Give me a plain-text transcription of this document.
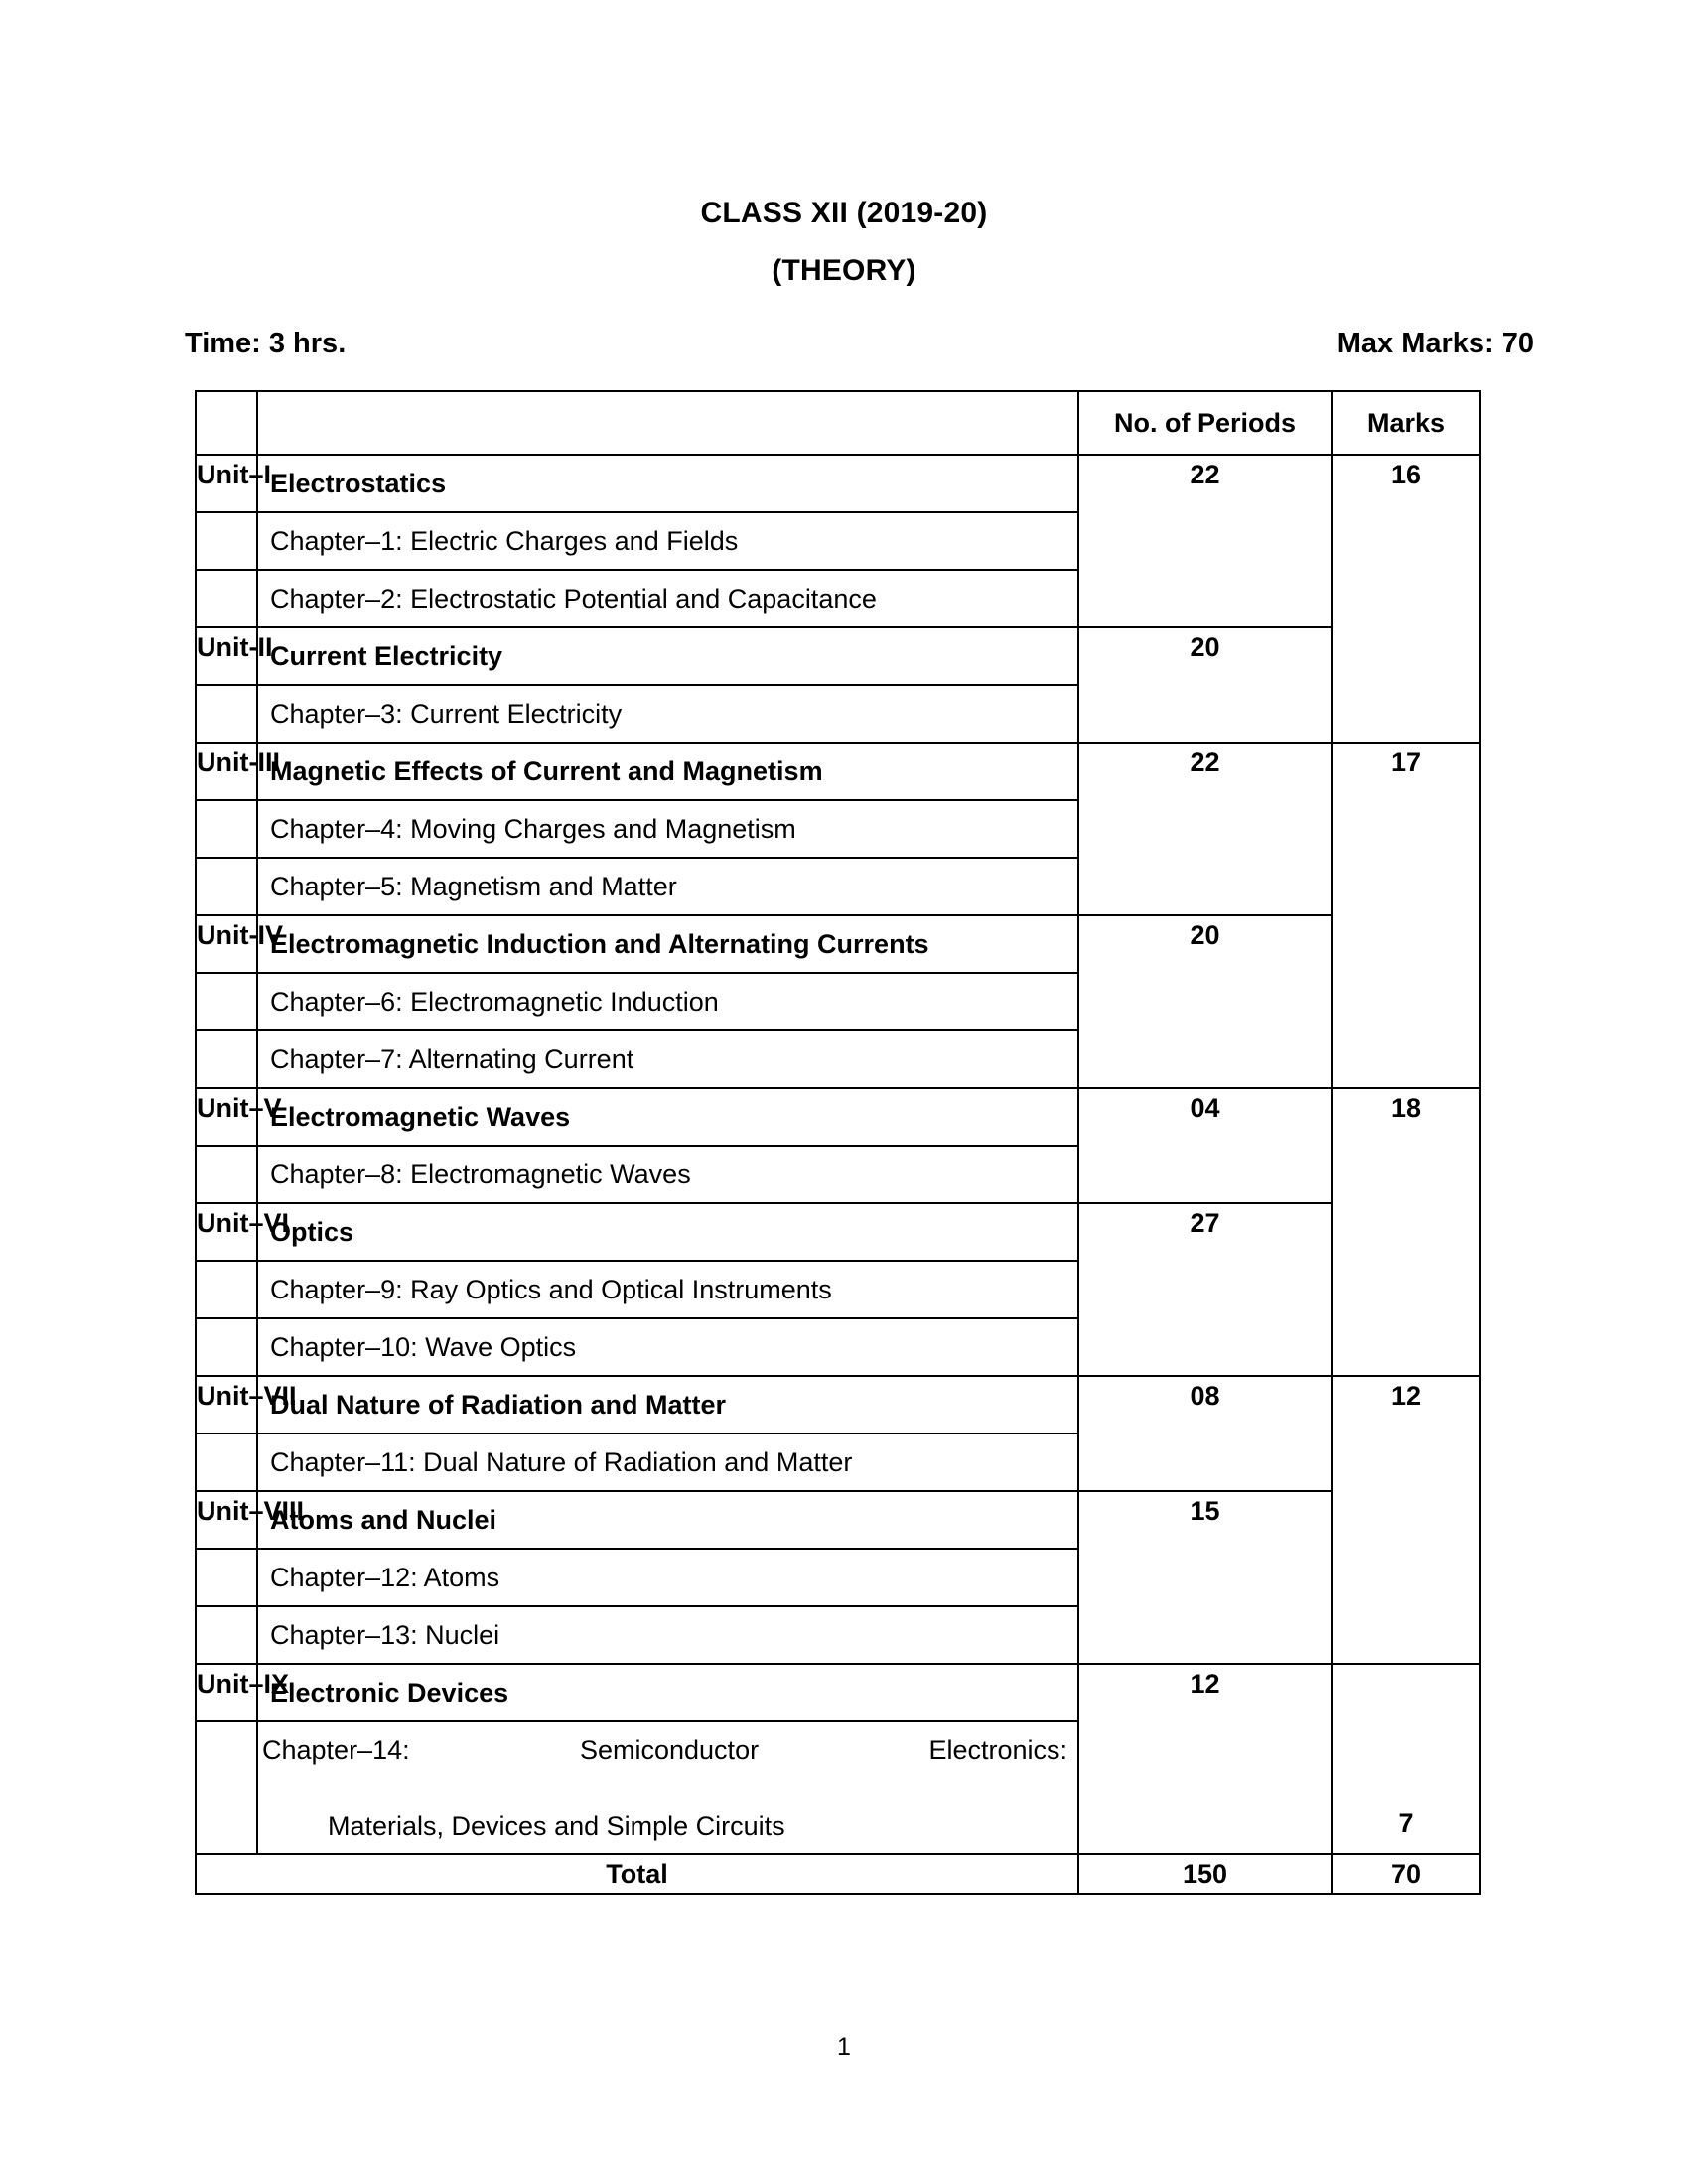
CLASS XII (2019-20)
(THEORY)
Time: 3 hrs.	Max Marks: 70

		No. of Periods	Marks

Unit–I	Electrostatics	22	16

	Chapter–1: Electric Charges and Fields		

	Chapter–2: Electrostatic Potential and Capacitance		

Unit-II	Current Electricity	20	

	Chapter–3: Current Electricity		

Unit-III	Magnetic Effects of Current and Magnetism	22	17

	Chapter–4: Moving Charges and Magnetism		

	Chapter–5: Magnetism and Matter		

Unit-IV	Electromagnetic Induction and Alternating Currents	20	

	Chapter–6: Electromagnetic Induction		

	Chapter–7: Alternating Current		

Unit–V	Electromagnetic Waves	04	18

	Chapter–8: Electromagnetic Waves		

Unit–VI	Optics	27	

	Chapter–9: Ray Optics and Optical Instruments		

	Chapter–10: Wave Optics		

Unit–VII	Dual Nature of Radiation and Matter	08	12

	Chapter–11: Dual Nature of Radiation and Matter		

Unit–VIII	Atoms and Nuclei	15	

	Chapter–12: Atoms		

	Chapter–13: Nuclei		

Unit–IX	Electronic Devices	12	7

	Chapter–14: Semiconductor Electronics:
Materials, Devices and Simple Circuits		

Total		150	70
1
